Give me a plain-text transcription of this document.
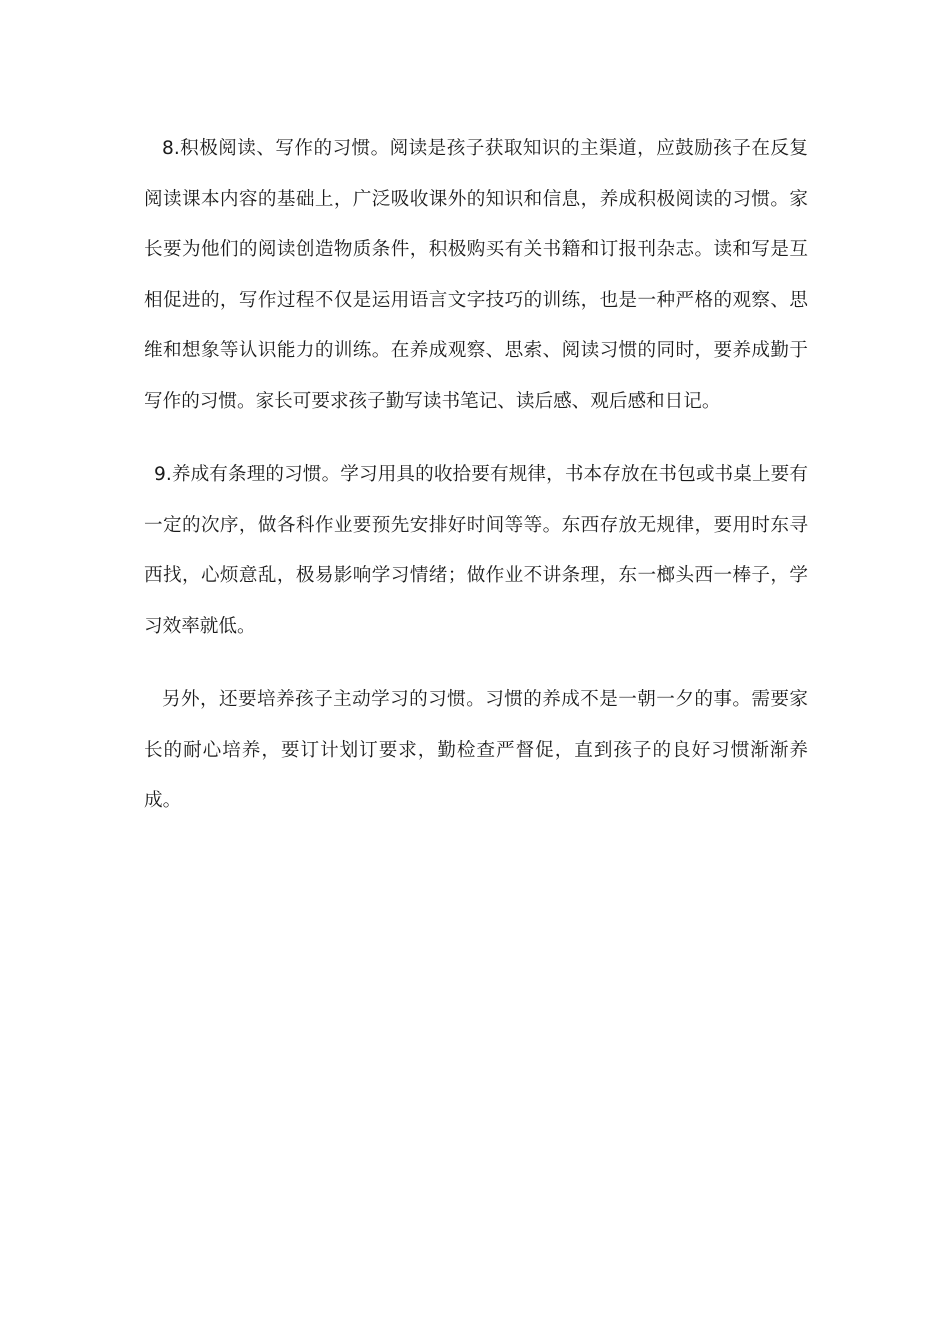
8.积极阅读、写作的习惯。阅读是孩子获取知识的主渠道，应鼓励孩子在反复阅读课本内容的基础上，广泛吸收课外的知识和信息，养成积极阅读的习惯。家长要为他们的阅读创造物质条件，积极购买有关书籍和订报刊杂志。读和写是互相促进的，写作过程不仅是运用语言文字技巧的训练，也是一种严格的观察、思维和想象等认识能力的训练。在养成观察、思索、阅读习惯的同时，要养成勤于写作的习惯。家长可要求孩子勤写读书笔记、读后感、观后感和日记。

9.养成有条理的习惯。学习用具的收拾要有规律，书本存放在书包或书桌上要有一定的次序，做各科作业要预先安排好时间等等。东西存放无规律，要用时东寻西找，心烦意乱，极易影响学习情绪；做作业不讲条理，东一榔头西一棒子，学习效率就低。

另外，还要培养孩子主动学习的习惯。习惯的养成不是一朝一夕的事。需要家长的耐心培养，要订计划订要求，勤检查严督促，直到孩子的良好习惯渐渐养成。
